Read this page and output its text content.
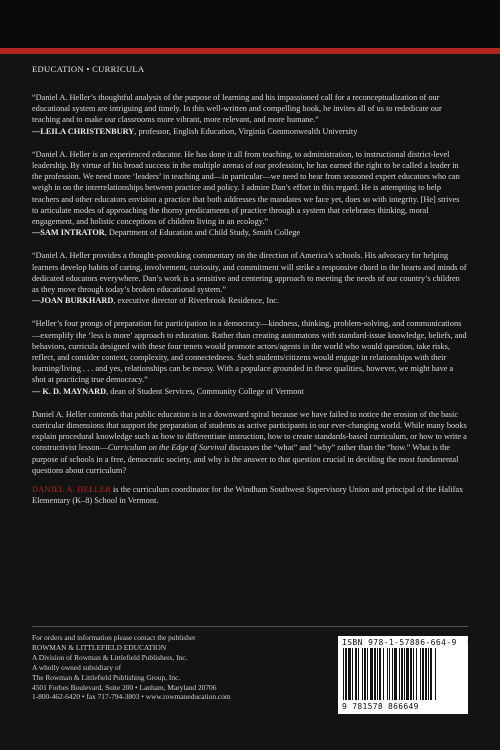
EDUCATION • CURRICULA

“Daniel A. Heller’s thoughtful analysis of the purpose of learning and his impassioned call for a reconceptualization of our educational system are intriguing and timely. In this well-written and compelling book, he invites all of us to rededicate our teaching and to make our classrooms more vibrant, more relevant, and more humane.”

—LEILA CHRISTENBURY, professor, English Education, Virginia Commonwealth University

“Daniel A. Heller is an experienced educator. He has done it all from teaching, to administration, to instructional district-level leadership. By virtue of his broad success in the multiple arenas of our profession, he has earned the right to be called a leader in the profession. We need more ‘leaders’ in teaching and—in particular—we need to hear from seasoned expert educators who can weigh in on the interrelationships between practice and policy. I admire Dan’s effort in this regard. He is attempting to help teachers and other educators envision a practice that both addresses the mandates we face yet, does so with integrity. [He] strives to articulate modes of approaching the thorny predicaments of practice through a system that celebrates thinking, moral engagement, and holistic conceptions of children living in an ecology.”

—SAM INTRATOR, Department of Education and Child Study, Smith College

“Daniel A. Heller provides a thought-provoking commentary on the direction of America’s schools. His advocacy for helping learners develop habits of caring, involvement, curiosity, and commitment will strike a responsive chord in the hearts and minds of dedicated educators everywhere. Dan’s work is a sensitive and centering approach to meeting the needs of our country’s children as they move through today’s broken educational system.”

—JOAN BURKHARD, executive director of Riverbrook Residence, Inc.

“Heller’s four prongs of preparation for participation in a democracy—kindness, thinking, problem-solving, and communications—exemplify the ‘less is more’ approach to education. Rather than creating automatons with standard-issue knowledge, beliefs, and behaviors, curricula designed with these four tenets would promote actors/agents in the world who would question, take risks, reflect, and consider context, complexity, and connectedness. Such students/citizens would engage in relationships with their learning/living . . . and yes, relationships can be messy. With a populace grounded in these qualities, however, we might have a shot at practicing true democracy.”

— K. D. MAYNARD, dean of Student Services, Community College of Vermont

Daniel A. Heller contends that public education is in a downward spiral because we have failed to notice the erosion of the basic curricular dimensions that support the preparation of students as active participants in our ever-changing world. While many books explain procedural knowledge such as how to differentiate instruction, how to create standards-based curriculum, or how to write a constructivist lesson—Curriculum on the Edge of Survival discusses the “what” and “why” rather than the “how.” What is the purpose of schools in a free, democratic society, and why is the answer to that question crucial in deciding the most fundamental questions about curriculum?

DANIEL A. HELLER is the curriculum coordinator for the Windham Southwest Supervisory Union and principal of the Halifax Elementary (K–8) School in Vermont.

For orders and information please contact the publisher
ROWMAN & LITTLEFIELD EDUCATION
A Division of Rowman & Littlefield Publishers, Inc.
A wholly owned subsidiary of
The Rowman & Littlefield Publishing Group, Inc.
4501 Forbes Boulevard, Suite 200 • Lanham, Maryland 20706
1-800-462-6420 • fax 717-794-3803 • www.rowmaneducation.com
ISBN 978-1-57886-664-9 90000
9 781578 866649
